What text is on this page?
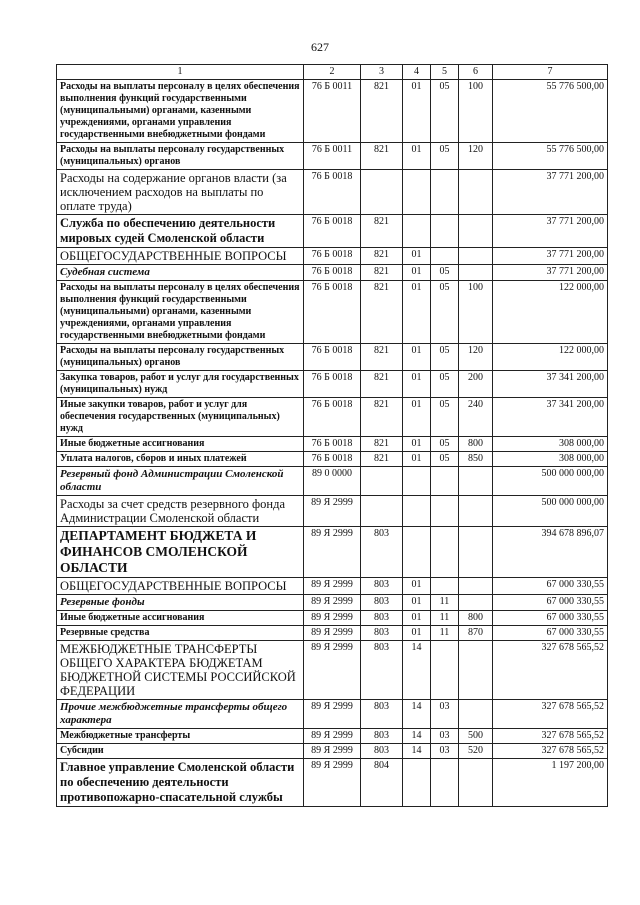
627
1	2	3	4	5	6	7
Расходы на выплаты персоналу в целях обеспечения выполнения функций государственными (муниципальными) органами, казенными учреждениями, органами управления государственными внебюджетными фондами	76 Б 0011	821	01	05	100	55 776 500,00
Расходы на выплаты персоналу государственных (муниципальных) органов	76 Б 0011	821	01	05	120	55 776 500,00
Расходы на содержание органов власти (за исключением расходов на выплаты по оплате труда)	76 Б 0018					37 771 200,00
Служба по обеспечению деятельности мировых судей Смоленской области	76 Б 0018	821				37 771 200,00
ОБЩЕГОСУДАРСТВЕННЫЕ ВОПРОСЫ	76 Б 0018	821	01			37 771 200,00
Судебная система	76 Б 0018	821	01	05		37 771 200,00
Расходы на выплаты персоналу в целях обеспечения выполнения функций государственными (муниципальными) органами, казенными учреждениями, органами управления государственными внебюджетными фондами	76 Б 0018	821	01	05	100	122 000,00
Расходы на выплаты персоналу государственных (муниципальных) органов	76 Б 0018	821	01	05	120	122 000,00
Закупка товаров, работ и услуг для государственных (муниципальных) нужд	76 Б 0018	821	01	05	200	37 341 200,00
Иные закупки товаров, работ и услуг для обеспечения государственных (муниципальных) нужд	76 Б 0018	821	01	05	240	37 341 200,00
Иные бюджетные ассигнования	76 Б 0018	821	01	05	800	308 000,00
Уплата налогов, сборов и иных платежей	76 Б 0018	821	01	05	850	308 000,00
Резервный фонд Администрации Смоленской области	89 0 0000					500 000 000,00
Расходы за счет средств резервного фонда Администрации Смоленской области	89 Я 2999					500 000 000,00
ДЕПАРТАМЕНТ БЮДЖЕТА И ФИНАНСОВ СМОЛЕНСКОЙ ОБЛАСТИ	89 Я 2999	803				394 678 896,07
ОБЩЕГОСУДАРСТВЕННЫЕ ВОПРОСЫ	89 Я 2999	803	01			67 000 330,55
Резервные фонды	89 Я 2999	803	01	11		67 000 330,55
Иные бюджетные ассигнования	89 Я 2999	803	01	11	800	67 000 330,55
Резервные средства	89 Я 2999	803	01	11	870	67 000 330,55
МЕЖБЮДЖЕТНЫЕ ТРАНСФЕРТЫ ОБЩЕГО ХАРАКТЕРА БЮДЖЕТАМ БЮДЖЕТНОЙ СИСТЕМЫ РОССИЙСКОЙ ФЕДЕРАЦИИ	89 Я 2999	803	14			327 678 565,52
Прочие межбюджетные трансферты общего характера	89 Я 2999	803	14	03		327 678 565,52
Межбюджетные трансферты	89 Я 2999	803	14	03	500	327 678 565,52
Субсидии	89 Я 2999	803	14	03	520	327 678 565,52
Главное управление Смоленской области по обеспечению деятельности противопожарно-спасательной службы	89 Я 2999	804				1 197 200,00
